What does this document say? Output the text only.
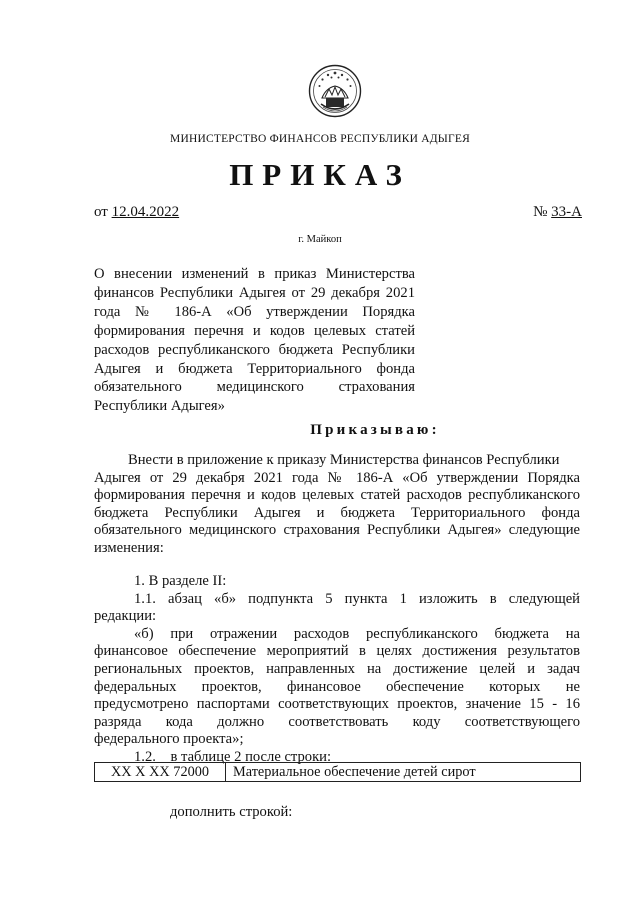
МИНИСТЕРСТВО ФИНАНСОВ РЕСПУБЛИКИ АДЫГЕЯ
ПРИКАЗ
от 12.04.2022	№ 33-А
г. Майкоп
О внесении изменений в приказ Министерства
финансов Республики Адыгея от 29 декабря 2021
года № 186-А «Об утверждении Порядка
формирования перечня и кодов целевых статей
расходов республиканского бюджета Республики
Адыгея и бюджета Территориального фонда
обязательного медицинского страхования
Республики Адыгея»
Приказываю:
Внести в приложение к приказу Министерства финансов Республики
Адыгея от 29 декабря 2021 года № 186-А «Об утверждении Порядка
формирования перечня и кодов целевых статей расходов республиканского
бюджета Республики Адыгея и бюджета Территориального фонда
обязательного медицинского страхования Республики Адыгея» следующие
изменения:
1. В разделе II:
1.1. абзац «б» подпункта 5 пункта 1 изложить в следующей
редакции:
«б) при отражении расходов республиканского бюджета на
финансовое обеспечение мероприятий в целях достижения результатов
региональных проектов, направленных на достижение целей и задач
федеральных проектов, финансовое обеспечение которых не
предусмотрено паспортами соответствующих проектов, значение 15 - 16
разряда кода должно соответствовать коду соответствующего
федерального проекта»;
1.2.    в таблице 2 после строки:
ХХ Х ХХ 72000	Материальное обеспечение детей сирот
дополнить строкой:
